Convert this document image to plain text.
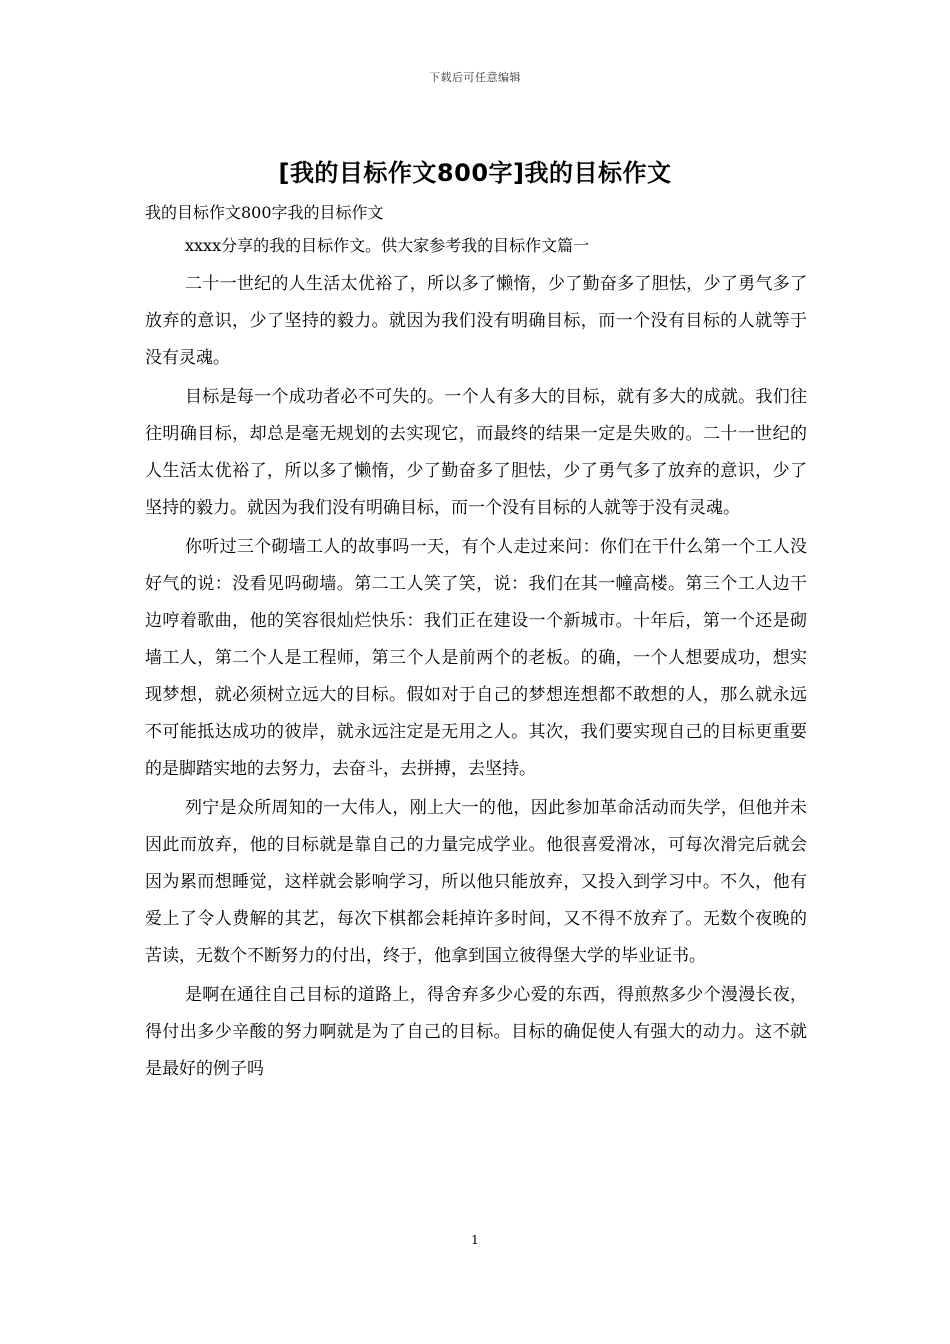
下载后可任意编辑
[我的目标作文800字]我的目标作文
我的目标作文800字我的目标作文

xxxx分享的我的目标作文。供大家参考我的目标作文篇一

二十一世纪的人生活太优裕了，所以多了懒惰，少了勤奋多了胆怯，少了勇气多了放弃的意识，少了坚持的毅力。就因为我们没有明确目标，而一个没有目标的人就等于没有灵魂。

目标是每一个成功者必不可失的。一个人有多大的目标，就有多大的成就。我们往往明确目标，却总是毫无规划的去实现它，而最终的结果一定是失败的。二十一世纪的人生活太优裕了，所以多了懒惰，少了勤奋多了胆怯，少了勇气多了放弃的意识，少了坚持的毅力。就因为我们没有明确目标，而一个没有目标的人就等于没有灵魂。

你听过三个砌墙工人的故事吗一天，有个人走过来问：你们在干什么第一个工人没好气的说：没看见吗砌墙。第二工人笑了笑，说：我们在其一幢高楼。第三个工人边干边哼着歌曲，他的笑容很灿烂快乐：我们正在建设一个新城市。十年后，第一个还是砌墙工人，第二个人是工程师，第三个人是前两个的老板。的确，一个人想要成功，想实现梦想，就必须树立远大的目标。假如对于自己的梦想连想都不敢想的人，那么就永远不可能抵达成功的彼岸，就永远注定是无用之人。其次，我们要实现自己的目标更重要的是脚踏实地的去努力，去奋斗，去拼搏，去坚持。

列宁是众所周知的一大伟人，刚上大一的他，因此参加革命活动而失学，但他并未因此而放弃，他的目标就是靠自己的力量完成学业。他很喜爱滑冰，可每次滑完后就会因为累而想睡觉，这样就会影响学习，所以他只能放弃，又投入到学习中。不久，他有爱上了令人费解的其艺，每次下棋都会耗掉许多时间，又不得不放弃了。无数个夜晚的苦读，无数个不断努力的付出，终于，他拿到国立彼得堡大学的毕业证书。

是啊在通往自己目标的道路上，得舍弃多少心爱的东西，得煎熬多少个漫漫长夜，得付出多少辛酸的努力啊就是为了自己的目标。目标的确促使人有强大的动力。这不就是最好的例子吗

1
